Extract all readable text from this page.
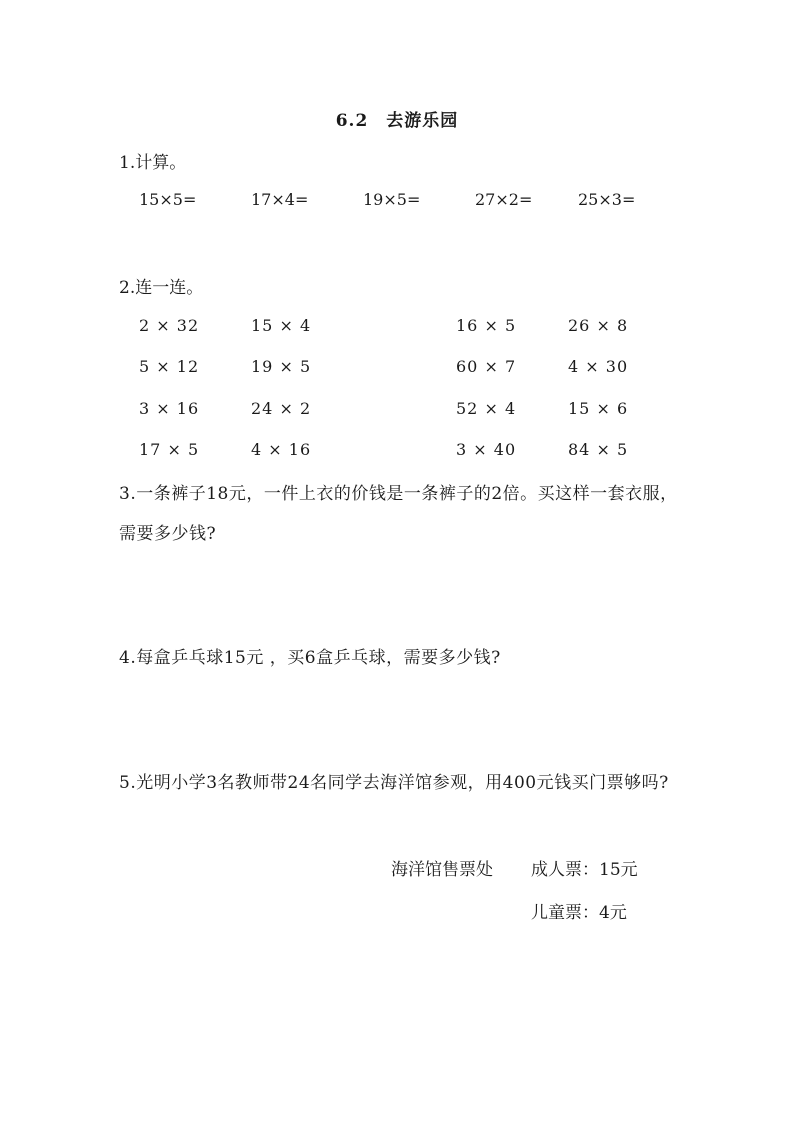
6.2　去游乐园
1.计算。
15×5=	17×4=	19×5=	27×2=	25×3=
2.连一连。
2 × 32	15 × 4	16 × 5	26 × 8
5 × 12	19 × 5	60 × 7	4 × 30
3 × 16	24 × 2	52 × 4	15 × 6
17 × 5	4 × 16	3 × 40	84 × 5
3.一条裤子18元，一件上衣的价钱是一条裤子的2倍。买这样一套衣服，需要多少钱?
4.每盒乒乓球15元 ，买6盒乒乓球，需要多少钱?
5.光明小学3名教师带24名同学去海洋馆参观，用400元钱买门票够吗?
海洋馆售票处 成人票：15元
儿童票：4元
